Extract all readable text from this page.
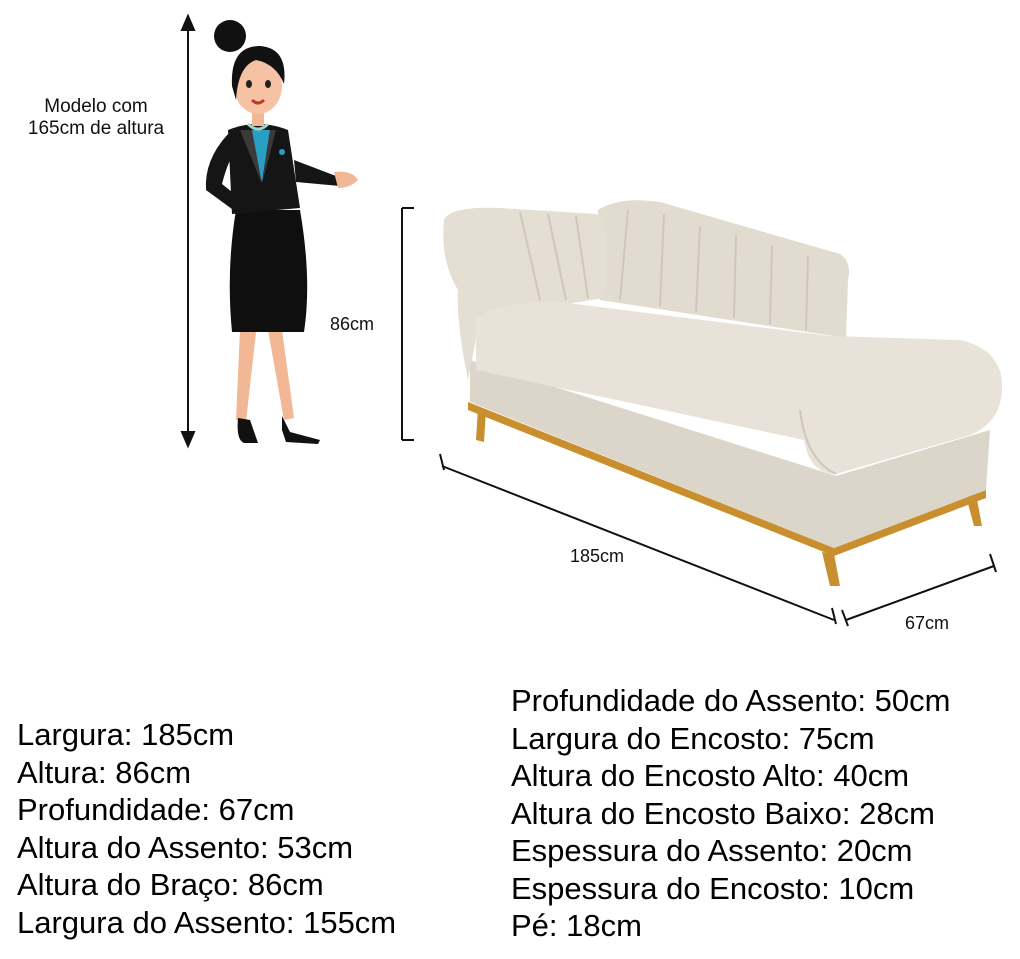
Modelo com
165cm de altura
86cm
185cm
67cm
Largura: 185cm
Altura: 86cm
Profundidade: 67cm
Altura do Assento: 53cm
Altura do Braço: 86cm
Largura do Assento: 155cm
Profundidade do Assento: 50cm
Largura do Encosto: 75cm
Altura do Encosto Alto: 40cm
Altura do Encosto Baixo: 28cm
Espessura do Assento: 20cm
Espessura do Encosto: 10cm
Pé: 18cm
